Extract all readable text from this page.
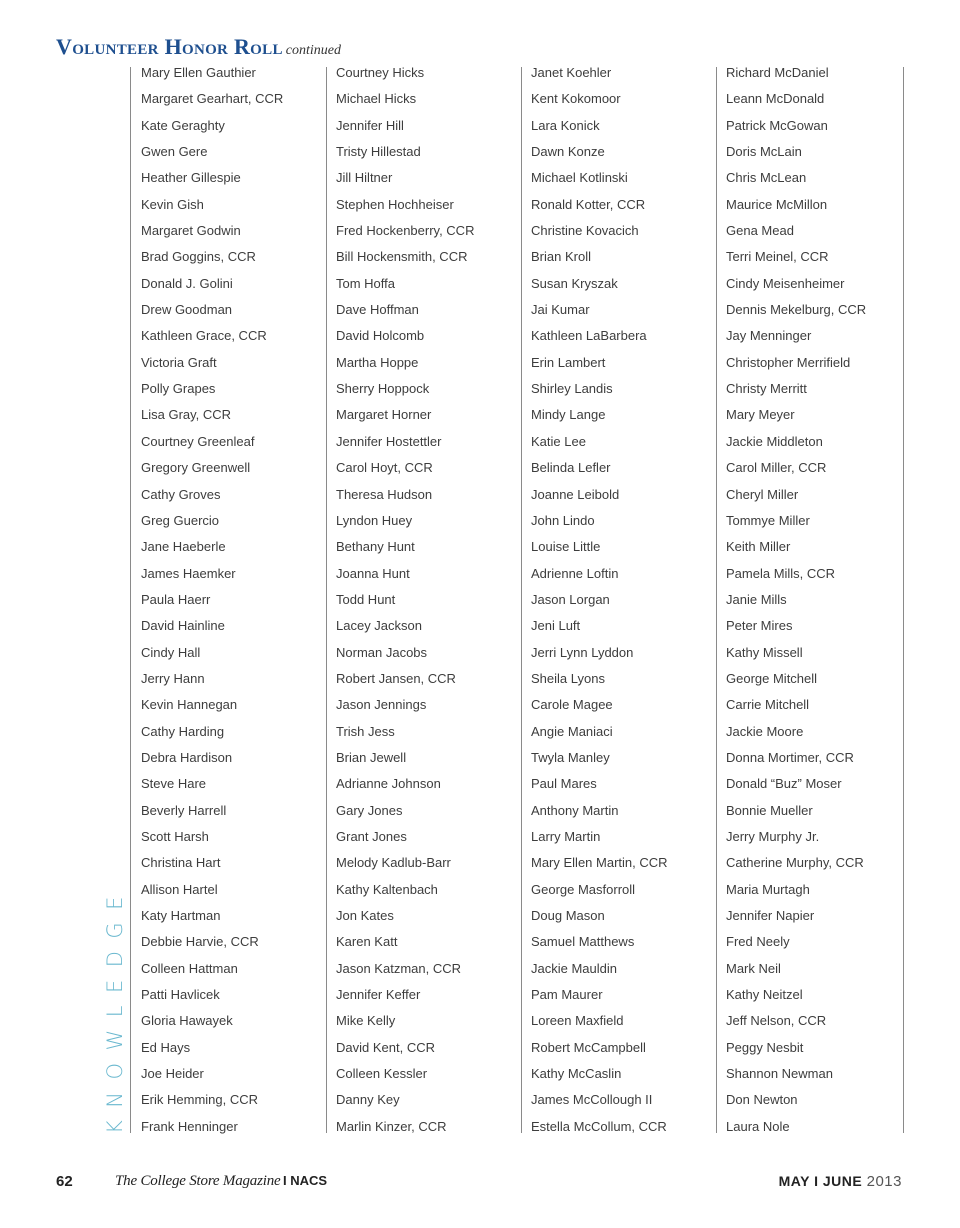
Volunteer Honor Roll continued
Mary Ellen Gauthier
Margaret Gearhart, CCR
Kate Geraghty
Gwen Gere
Heather Gillespie
Kevin Gish
Margaret Godwin
Brad Goggins, CCR
Donald J. Golini
Drew Goodman
Kathleen Grace, CCR
Victoria Graft
Polly Grapes
Lisa Gray, CCR
Courtney Greenleaf
Gregory Greenwell
Cathy Groves
Greg Guercio
Jane Haeberle
James Haemker
Paula Haerr
David Hainline
Cindy Hall
Jerry Hann
Kevin Hannegan
Cathy Harding
Debra Hardison
Steve Hare
Beverly Harrell
Scott Harsh
Christina Hart
Allison Hartel
Katy Hartman
Debbie Harvie, CCR
Colleen Hattman
Patti Havlicek
Gloria Hawayek
Ed Hays
Joe Heider
Erik Hemming, CCR
Frank Henninger
Courtney Hicks
Michael Hicks
Jennifer Hill
Tristy Hillestad
Jill Hiltner
Stephen Hochheiser
Fred Hockenberry, CCR
Bill Hockensmith, CCR
Tom Hoffa
Dave Hoffman
David Holcomb
Martha Hoppe
Sherry Hoppock
Margaret Horner
Jennifer Hostettler
Carol Hoyt, CCR
Theresa Hudson
Lyndon Huey
Bethany Hunt
Joanna Hunt
Todd Hunt
Lacey Jackson
Norman Jacobs
Robert Jansen, CCR
Jason Jennings
Trish Jess
Brian Jewell
Adrianne Johnson
Gary Jones
Grant Jones
Melody Kadlub-Barr
Kathy Kaltenbach
Jon Kates
Karen Katt
Jason Katzman, CCR
Jennifer Keffer
Mike Kelly
David Kent, CCR
Colleen Kessler
Danny Key
Marlin Kinzer, CCR
Janet Koehler
Kent Kokomoor
Lara Konick
Dawn Konze
Michael Kotlinski
Ronald Kotter, CCR
Christine Kovacich
Brian Kroll
Susan Kryszak
Jai Kumar
Kathleen LaBarbera
Erin Lambert
Shirley Landis
Mindy Lange
Katie Lee
Belinda Lefler
Joanne Leibold
John Lindo
Louise Little
Adrienne Loftin
Jason Lorgan
Jeni Luft
Jerri Lynn Lyddon
Sheila Lyons
Carole Magee
Angie Maniaci
Twyla Manley
Paul Mares
Anthony Martin
Larry Martin
Mary Ellen Martin, CCR
George Masforroll
Doug Mason
Samuel Matthews
Jackie Mauldin
Pam Maurer
Loreen Maxfield
Robert McCampbell
Kathy McCaslin
James McCollough II
Estella McCollum, CCR
Richard McDaniel
Leann McDonald
Patrick McGowan
Doris McLain
Chris McLean
Maurice McMillon
Gena Mead
Terri Meinel, CCR
Cindy Meisenheimer
Dennis Mekelburg, CCR
Jay Menninger
Christopher Merrifield
Christy Merritt
Mary Meyer
Jackie Middleton
Carol Miller, CCR
Cheryl Miller
Tommye Miller
Keith Miller
Pamela Mills, CCR
Janie Mills
Peter Mires
Kathy Missell
George Mitchell
Carrie Mitchell
Jackie Moore
Donna Mortimer, CCR
Donald “Buz” Moser
Bonnie Mueller
Jerry Murphy Jr.
Catherine Murphy, CCR
Maria Murtagh
Jennifer Napier
Fred Neely
Mark Neil
Kathy Neitzel
Jeff Nelson, CCR
Peggy Nesbit
Shannon Newman
Don Newton
Laura Nole
KNOWLEDGE
62	The College Store Magazine I NACS	MAY I JUNE 2013
